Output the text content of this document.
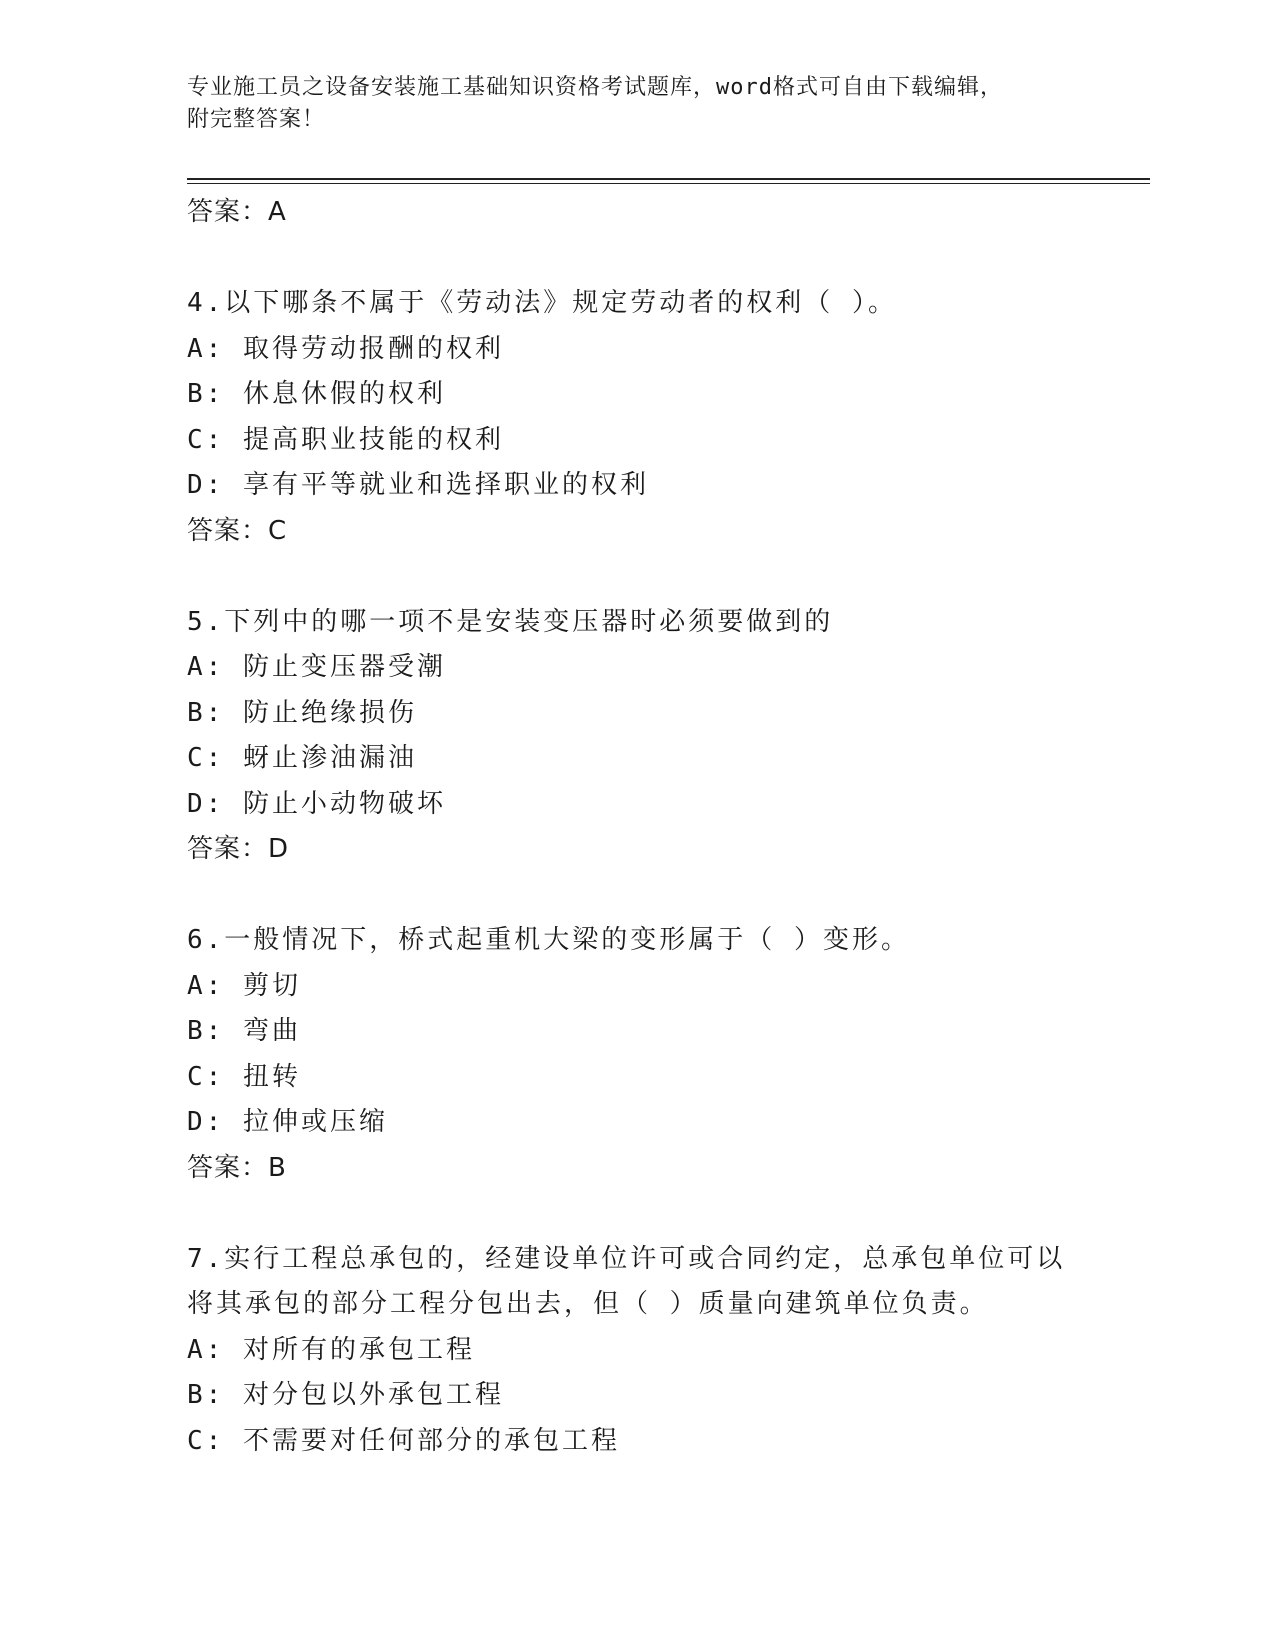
专业施工员之设备安装施工基础知识资格考试题库，word格式可自由下载编辑，
附完整答案！
答案：A
4.以下哪条不属于《劳动法》规定劳动者的权利（ ）。
A: 取得劳动报酬的权利
B: 休息休假的权利
C: 提高职业技能的权利
D: 享有平等就业和选择职业的权利
答案：C
5.下列中的哪一项不是安装变压器时必须要做到的
A: 防止变压器受潮
B: 防止绝缘损伤
C: 蚜止渗油漏油
D: 防止小动物破坏
答案：D
6.一般情况下，桥式起重机大梁的变形属于（ ）变形。
A: 剪切
B: 弯曲
C: 扭转
D: 拉伸或压缩
答案：B
7.实行工程总承包的，经建设单位许可或合同约定，总承包单位可以
将其承包的部分工程分包出去，但（ ）质量向建筑单位负责。
A: 对所有的承包工程
B: 对分包以外承包工程
C: 不需要对任何部分的承包工程
